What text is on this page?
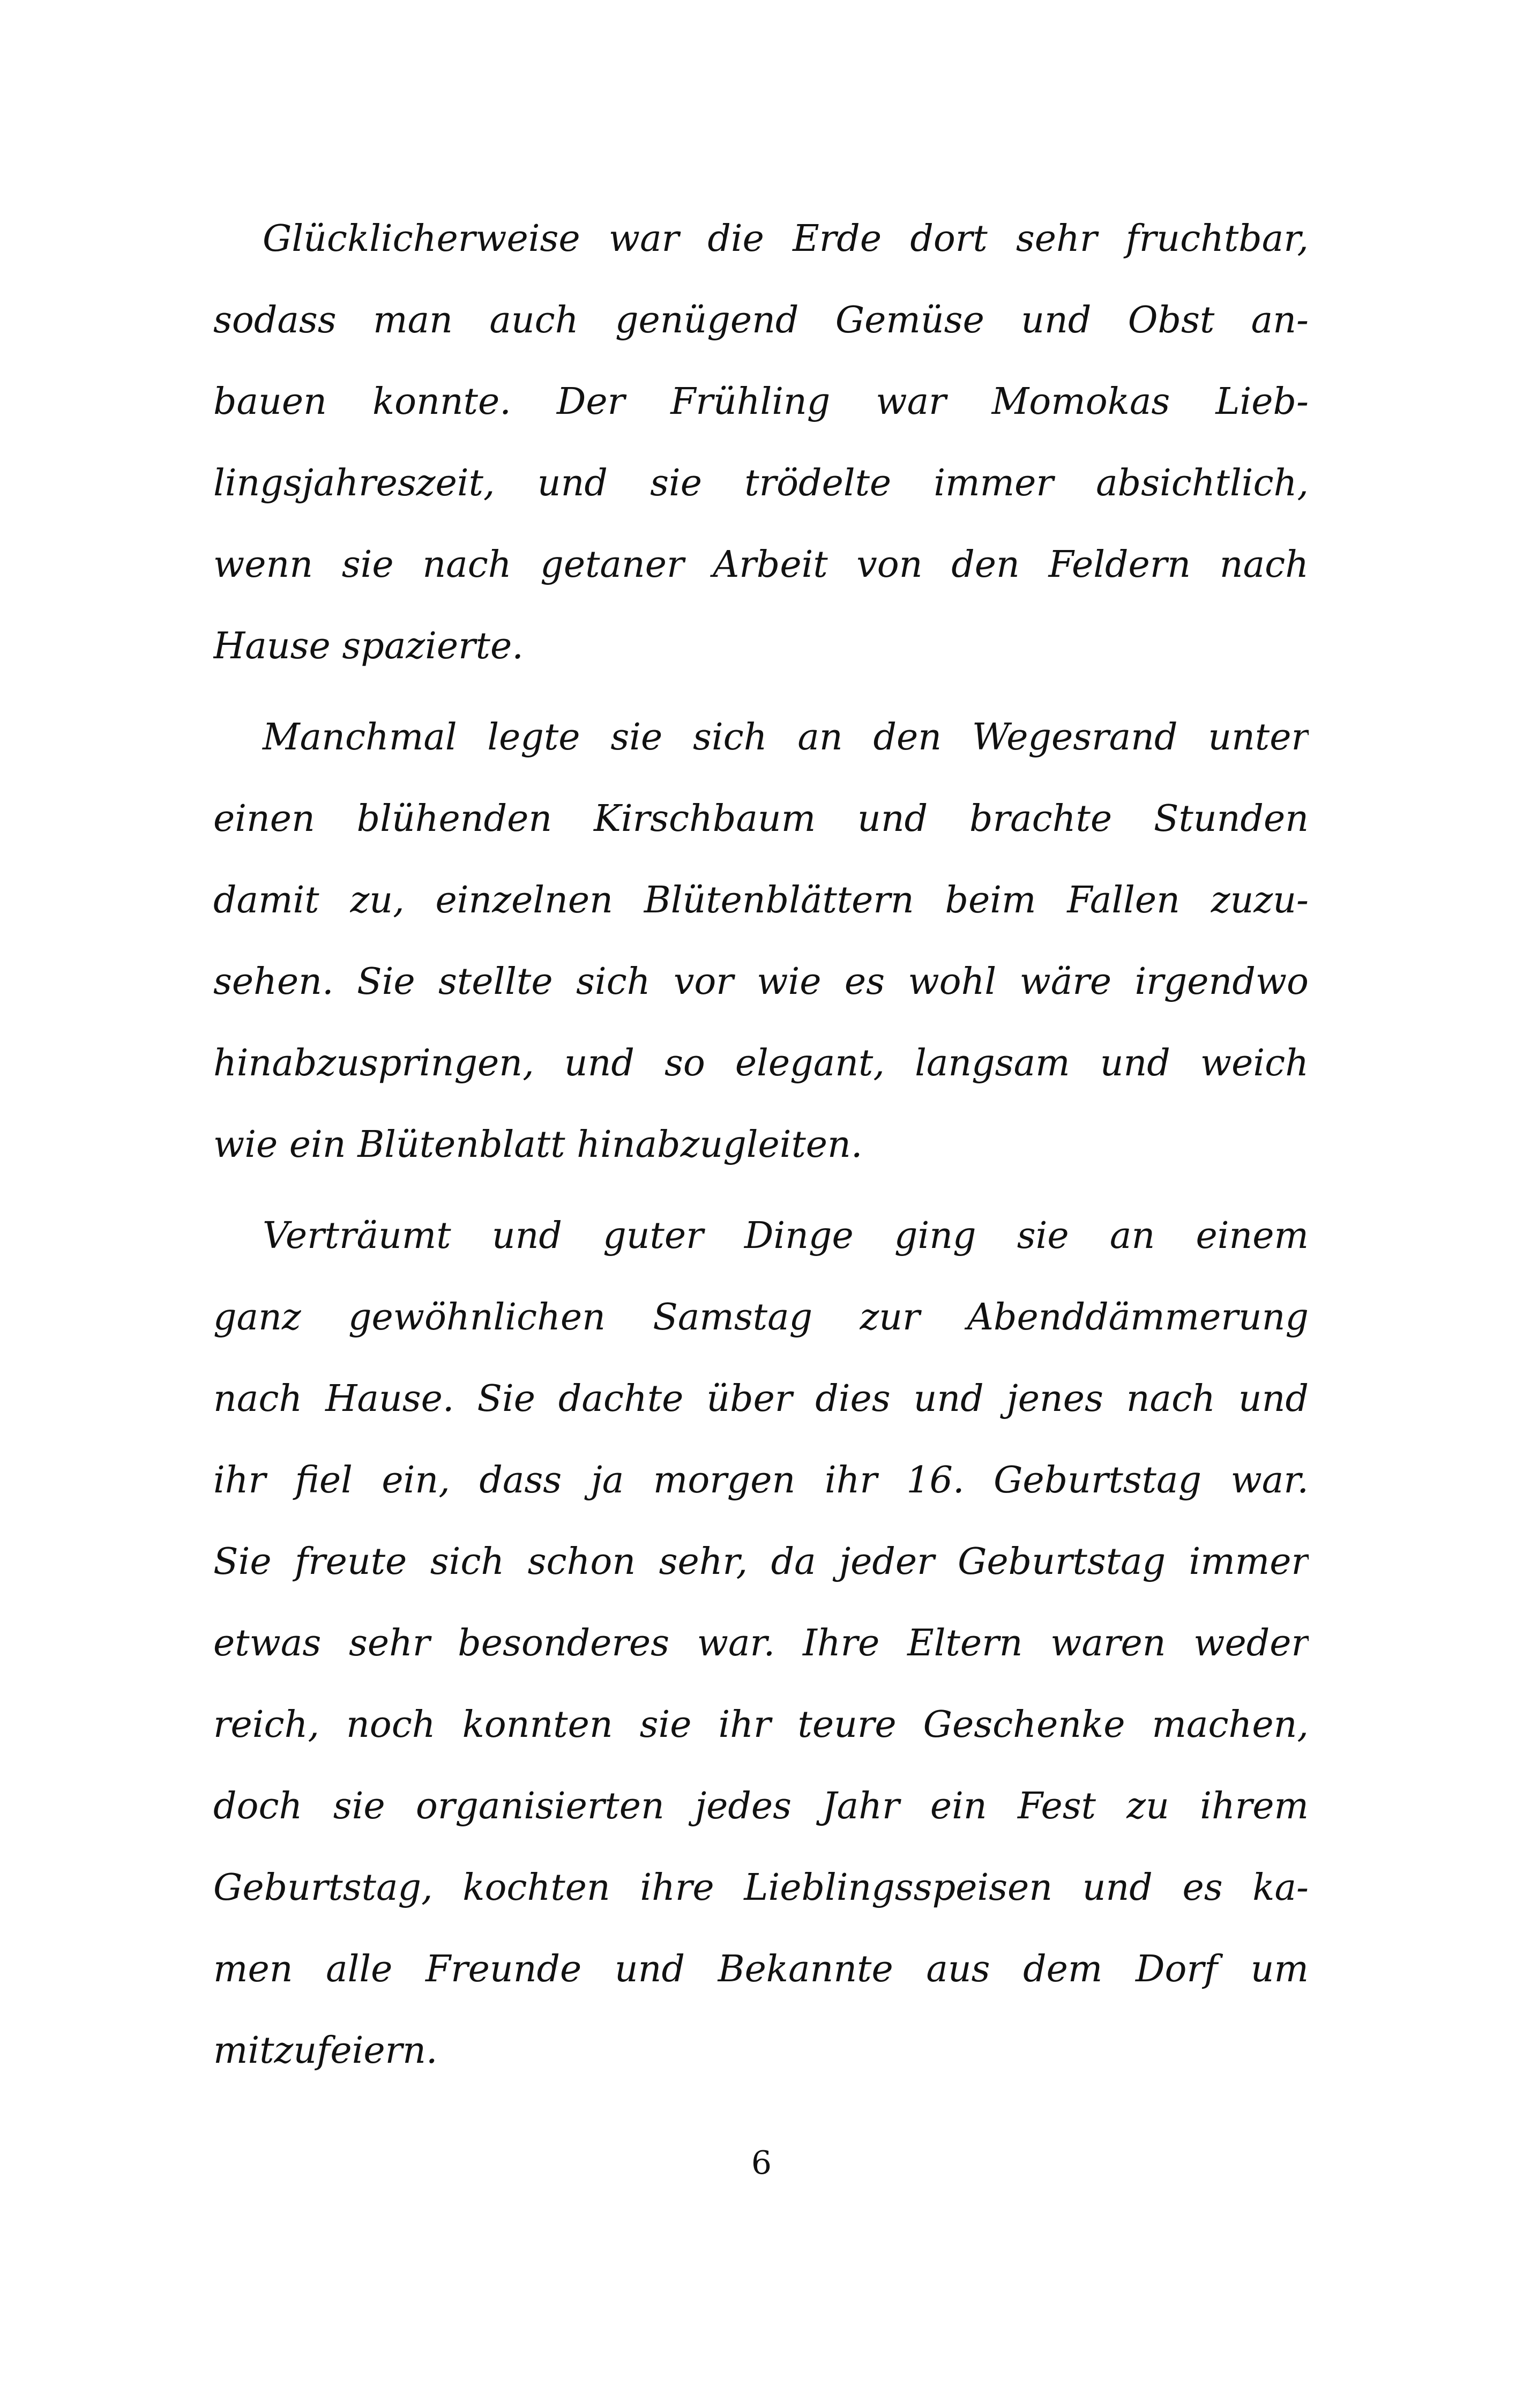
Glücklicherweise war die Erde dort sehr fruchtbar,
sodass man auch genügend Gemüse und Obst an-
bauen konnte. Der Frühling war Momokas Lieb-
lingsjahreszeit, und sie trödelte immer absichtlich,
wenn sie nach getaner Arbeit von den Feldern nach
Hause spazierte.
Manchmal legte sie sich an den Wegesrand unter
einen blühenden Kirschbaum und brachte Stunden
damit zu, einzelnen Blütenblättern beim Fallen zuzu-
sehen. Sie stellte sich vor wie es wohl wäre irgendwo
hinabzuspringen, und so elegant, langsam und weich
wie ein Blütenblatt hinabzugleiten.
Verträumt und guter Dinge ging sie an einem
ganz gewöhnlichen Samstag zur Abenddämmerung
nach Hause. Sie dachte über dies und jenes nach und
ihr fiel ein, dass ja morgen ihr 16. Geburtstag war.
Sie freute sich schon sehr, da jeder Geburtstag immer
etwas sehr besonderes war. Ihre Eltern waren weder
reich, noch konnten sie ihr teure Geschenke machen,
doch sie organisierten jedes Jahr ein Fest zu ihrem
Geburtstag, kochten ihre Lieblingsspeisen und es ka-
men alle Freunde und Bekannte aus dem Dorf um
mitzufeiern.
6
